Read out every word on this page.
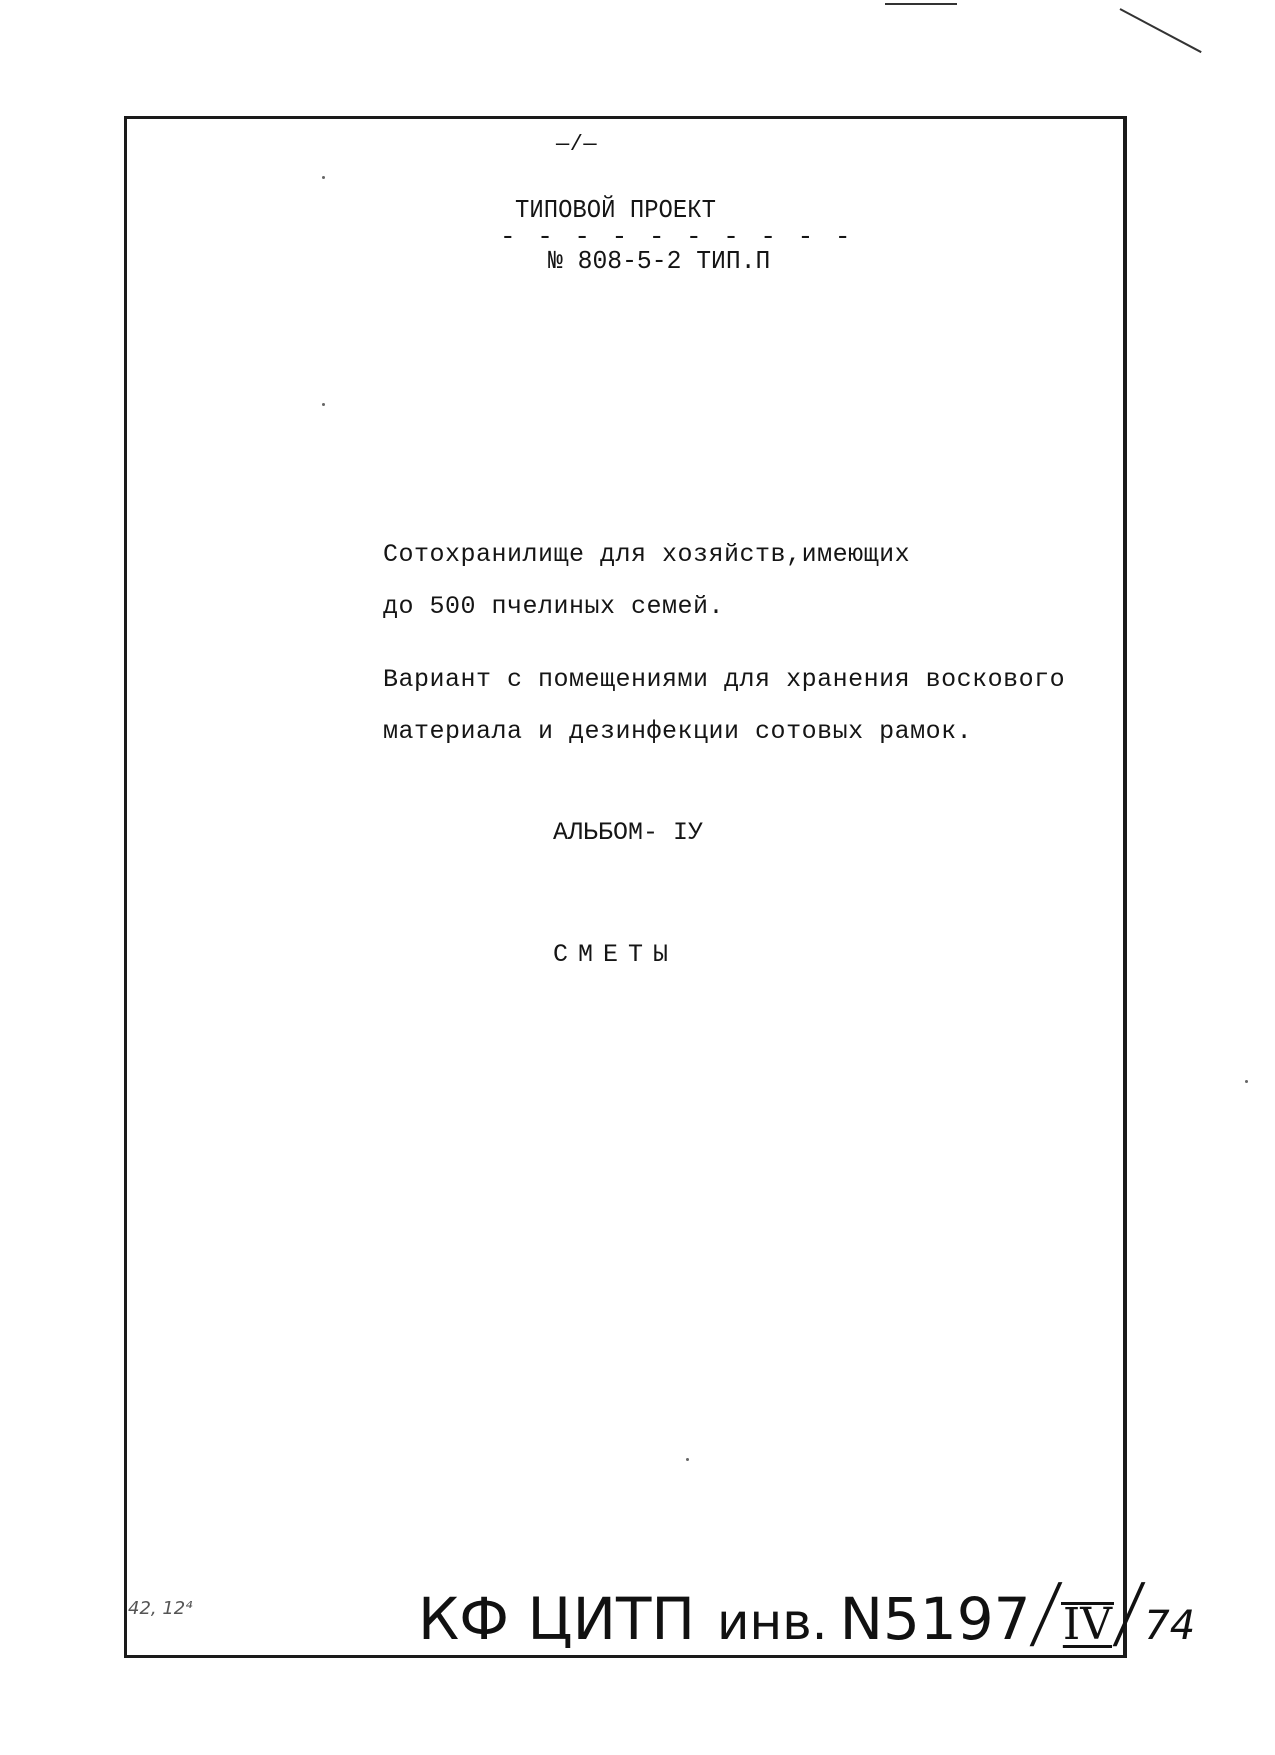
—/—
ТИПОВОЙ ПРОЕКТ
- - - - - - - - - -
№ 808-5-2 ТИП.П
Сотохранилище для хозяйств,имеющих
до 500 пчелиных семей.
Вариант с помещениями для хранения воскового
материала и дезинфекции сотовых рамок.
АЛЬБОМ- IУ
СМЕТЫ
42, 12⁴	КФ ЦИТП инв. N5197
/
IV
/
74
